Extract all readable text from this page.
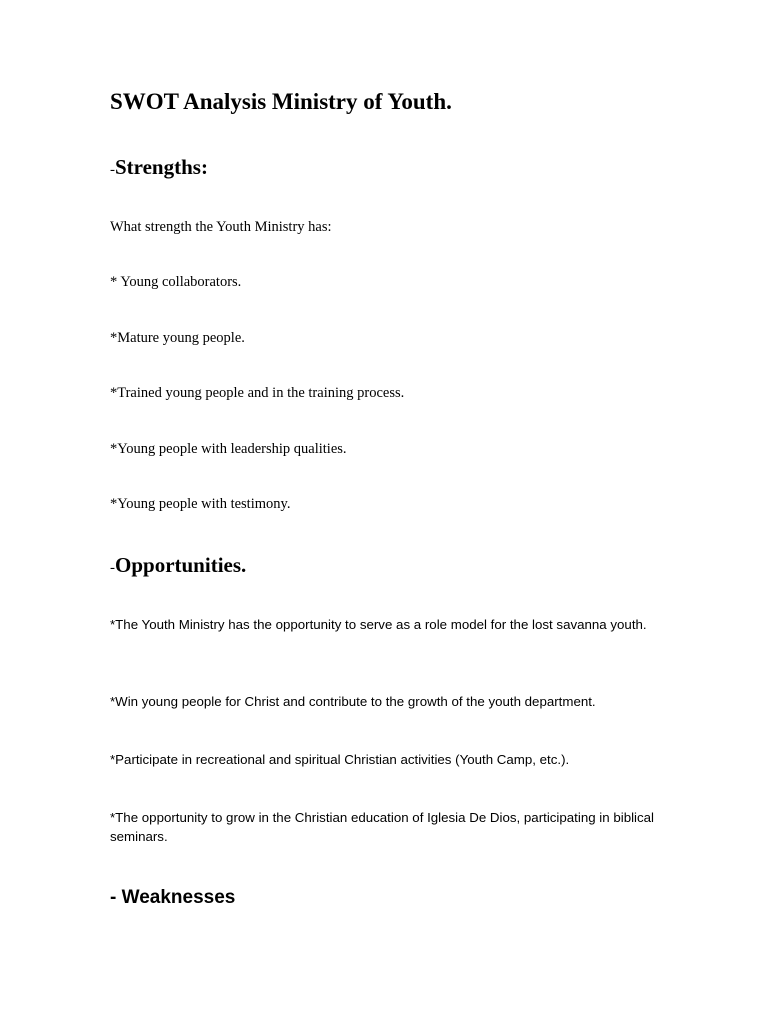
SWOT Analysis Ministry of Youth.
-Strengths:

What strength the Youth Ministry has:

* Young collaborators.

*Mature young people.

*Trained young people and in the training process.

*Young people with leadership qualities.

*Young people with testimony.

-Opportunities.

*The Youth Ministry has the opportunity to serve as a role model for the lost savanna youth.

*Win young people for Christ and contribute to the growth of the youth department.

*Participate in recreational and spiritual Christian activities (Youth Camp, etc.).

*The opportunity to grow in the Christian education of Iglesia De Dios, participating in biblical seminars.

- Weaknesses
